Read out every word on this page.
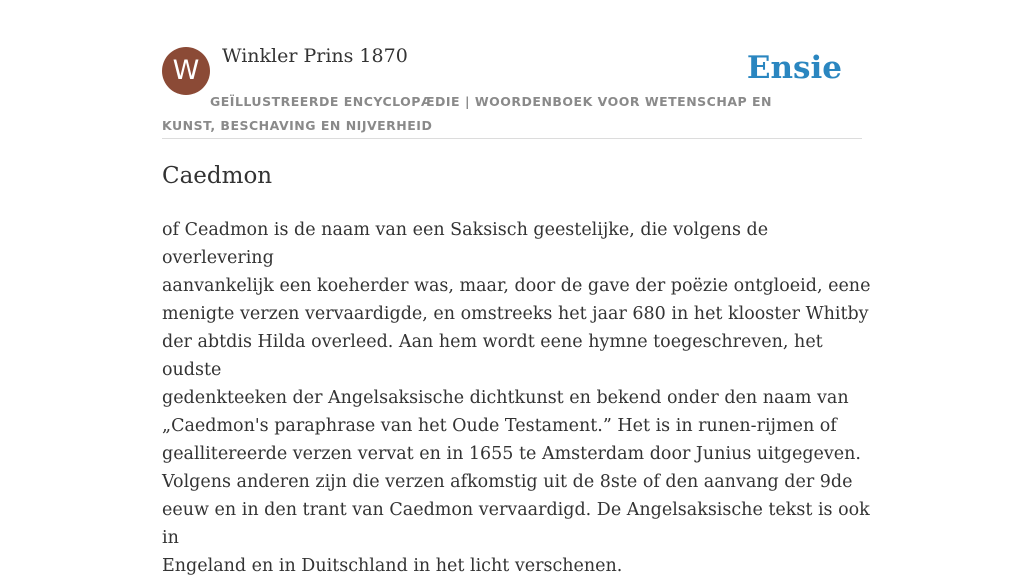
W	Winkler Prins 1870	Ensie
GEÏLLUSTREERDE ENCYCLOPÆDIE | WOORDENBOEK VOOR WETENSCHAP EN KUNST, BESCHAVING EN NIJVERHEID
Caedmon

of Ceadmon is de naam van een Saksisch geestelijke, die volgens de overlevering
aanvankelijk een koeherder was, maar, door de gave der poëzie ontgloeid, eene
menigte verzen vervaardigde, en omstreeks het jaar 680 in het klooster Whitby
der abtdis Hilda overleed. Aan hem wordt eene hymne toegeschreven, het oudste
gedenkteeken der Angelsaksische dichtkunst en bekend onder den naam van
„Caedmon's paraphrase van het Oude Testament.” Het is in runen-rijmen of
geallitereerde verzen vervat en in 1655 te Amsterdam door Junius uitgegeven.
Volgens anderen zijn die verzen afkomstig uit de 8ste of den aanvang der 9de
eeuw en in den trant van Caedmon vervaardigd. De Angelsaksische tekst is ook in
Engeland en in Duitschland in het licht verschenen.
